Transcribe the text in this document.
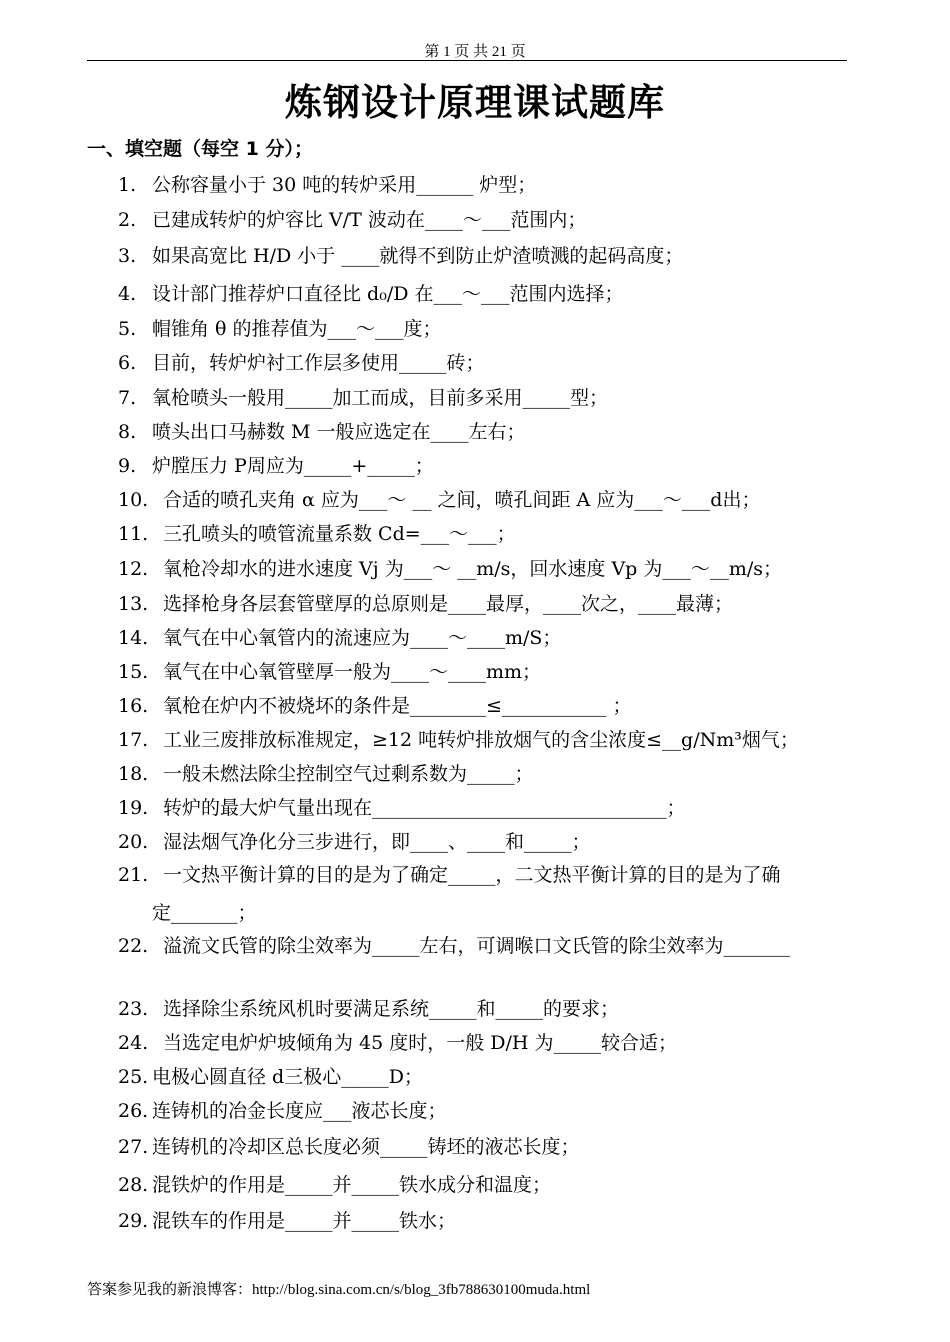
第 1 页 共 21 页
炼钢设计原理课试题库
一、填空题（每空 1 分）；
1. 公称容量小于 30 吨的转炉采用______ 炉型；
2. 已建成转炉的炉容比 V/T 波动在____～___范围内；
3. 如果高宽比 H/D 小于 ____就得不到防止炉渣喷溅的起码高度；
4. 设计部门推荐炉口直径比 d₀/D 在___～___范围内选择；
5. 帽锥角 θ 的推荐值为___～___度；
6. 目前，转炉炉衬工作层多使用_____砖；
7. 氧枪喷头一般用_____加工而成，目前多采用_____型；
8. 喷头出口马赫数 M 一般应选定在____左右；
9. 炉膛压力 P周应为_____+_____；
10. 合适的喷孔夹角 α 应为___～ __ 之间，喷孔间距 A 应为___～___d出；
11. 三孔喷头的喷管流量系数 Cd=___～___；
12. 氧枪冷却水的进水速度 Vj 为___～ __m/s，回水速度 Vp 为___～__m/s；
13. 选择枪身各层套管壁厚的总原则是____最厚，____次之，____最薄；
14. 氧气在中心氧管内的流速应为____～____m/S；
15. 氧气在中心氧管壁厚一般为____～____mm；
16. 氧枪在炉内不被烧坏的条件是________≤___________ ；
17. 工业三废排放标准规定，≥12 吨转炉排放烟气的含尘浓度≤__g/Nm³烟气；
18. 一般未燃法除尘控制空气过剩系数为_____；
19. 转炉的最大炉气量出现在_______________________________；
20. 湿法烟气净化分三步进行，即____、____和_____；
21. 一文热平衡计算的目的是为了确定_____，二文热平衡计算的目的是为了确
定_______；
22. 溢流文氏管的除尘效率为_____左右，可调喉口文氏管的除尘效率为_______
23. 选择除尘系统风机时要满足系统_____和_____的要求；
24. 当选定电炉炉坡倾角为 45 度时，一般 D/H 为_____较合适；
25. 电极心圆直径 d三极心_____D；
26. 连铸机的冶金长度应___液芯长度；
27. 连铸机的冷却区总长度必须_____铸坯的液芯长度；
28. 混铁炉的作用是_____并_____铁水成分和温度；
29. 混铁车的作用是_____并_____铁水；
答案参见我的新浪博客：http://blog.sina.com.cn/s/blog_3fb788630100muda.html
